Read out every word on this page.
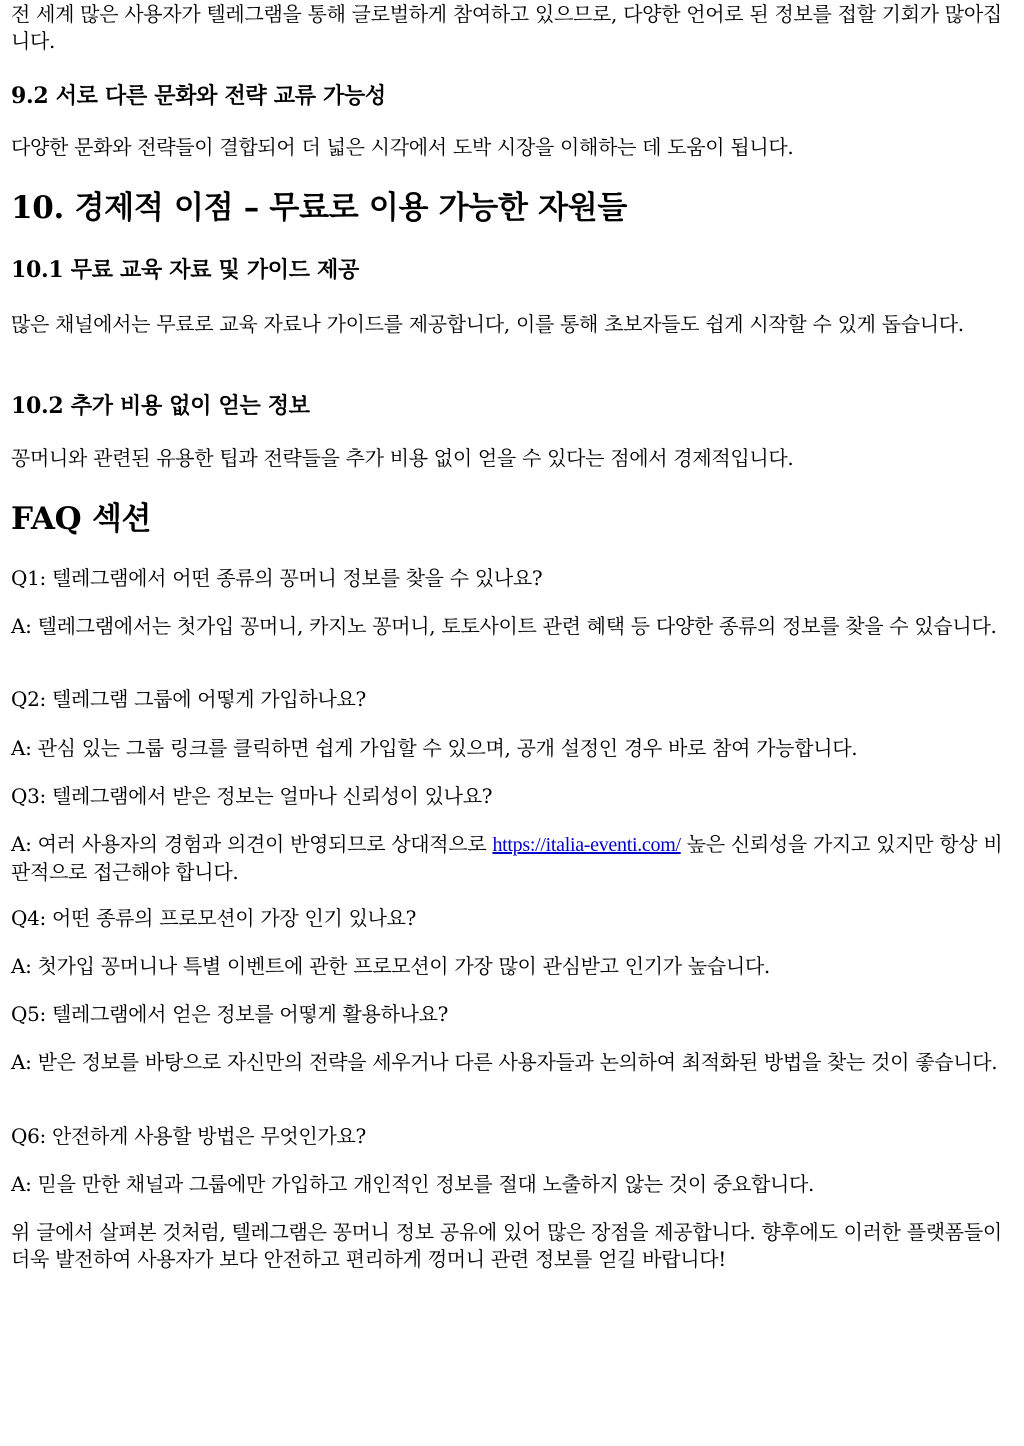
전 세계 많은 사용자가 텔레그램을 통해 글로벌하게 참여하고 있으므로, 다양한 언어로 된 정보를 접할 기회가 많아집니다.

9.2 서로 다른 문화와 전략 교류 가능성

다양한 문화와 전략들이 결합되어 더 넓은 시각에서 도박 시장을 이해하는 데 도움이 됩니다.

10. 경제적 이점 – 무료로 이용 가능한 자원들
10.1 무료 교육 자료 및 가이드 제공

많은 채널에서는 무료로 교육 자료나 가이드를 제공합니다, 이를 통해 초보자들도 쉽게 시작할 수 있게 돕습니다.

10.2 추가 비용 없이 얻는 정보

꽁머니와 관련된 유용한 팁과 전략들을 추가 비용 없이 얻을 수 있다는 점에서 경제적입니다.

FAQ 섹션

Q1: 텔레그램에서 어떤 종류의 꽁머니 정보를 찾을 수 있나요?

A: 텔레그램에서는 첫가입 꽁머니, 카지노 꽁머니, 토토사이트 관련 혜택 등 다양한 종류의 정보를 찾을 수 있습니다.

Q2: 텔레그램 그룹에 어떻게 가입하나요?

A: 관심 있는 그룹 링크를 클릭하면 쉽게 가입할 수 있으며, 공개 설정인 경우 바로 참여 가능합니다.

Q3: 텔레그램에서 받은 정보는 얼마나 신뢰성이 있나요?

A: 여러 사용자의 경험과 의견이 반영되므로 상대적으로 https://italia-eventi.com/ 높은 신뢰성을 가지고 있지만 항상 비판적으로 접근해야 합니다.

Q4: 어떤 종류의 프로모션이 가장 인기 있나요?

A: 첫가입 꽁머니나 특별 이벤트에 관한 프로모션이 가장 많이 관심받고 인기가 높습니다.

Q5: 텔레그램에서 얻은 정보를 어떻게 활용하나요?

A: 받은 정보를 바탕으로 자신만의 전략을 세우거나 다른 사용자들과 논의하여 최적화된 방법을 찾는 것이 좋습니다.

Q6: 안전하게 사용할 방법은 무엇인가요?

A: 믿을 만한 채널과 그룹에만 가입하고 개인적인 정보를 절대 노출하지 않는 것이 중요합니다.

위 글에서 살펴본 것처럼, 텔레그램은 꽁머니 정보 공유에 있어 많은 장점을 제공합니다. 향후에도 이러한 플랫폼들이 더욱 발전하여 사용자가 보다 안전하고 편리하게 껑머니 관련 정보를 얻길 바랍니다!
